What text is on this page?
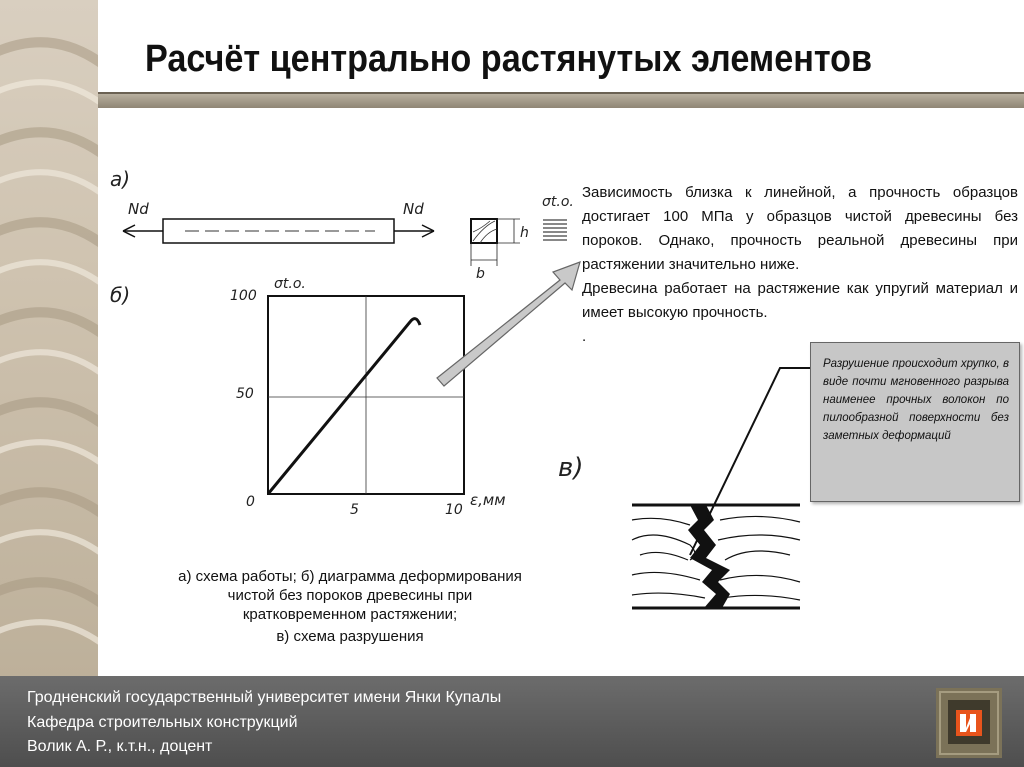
Расчёт центрально растянутых элементов
а)
Nd	Nd
h
b
σt.o.
б)	σt.o.
ε,мм
100
50
0	5	10
в)

Зависимость близка к линейной, а прочность образцов достигает 100 МПа у образцов чистой древесины без пороков. Однако, прочность реальной древесины при растяжении значительно ниже.

Древесина работает на растяжение как упругий материал и имеет высокую прочность.

.

Разрушение происходит хрупко, в виде почти мгновенного разрыва наименее прочных волокон по пилообразной поверхности без заметных деформаций
а) схема работы; б) диаграмма деформирования
чистой без пороков древесины при
кратковременном растяжении;
в) схема разрушения
Гродненский государственный университет имени Янки Купалы
Кафедра строительных конструкций
Волик А. Р., к.т.н., доцент
